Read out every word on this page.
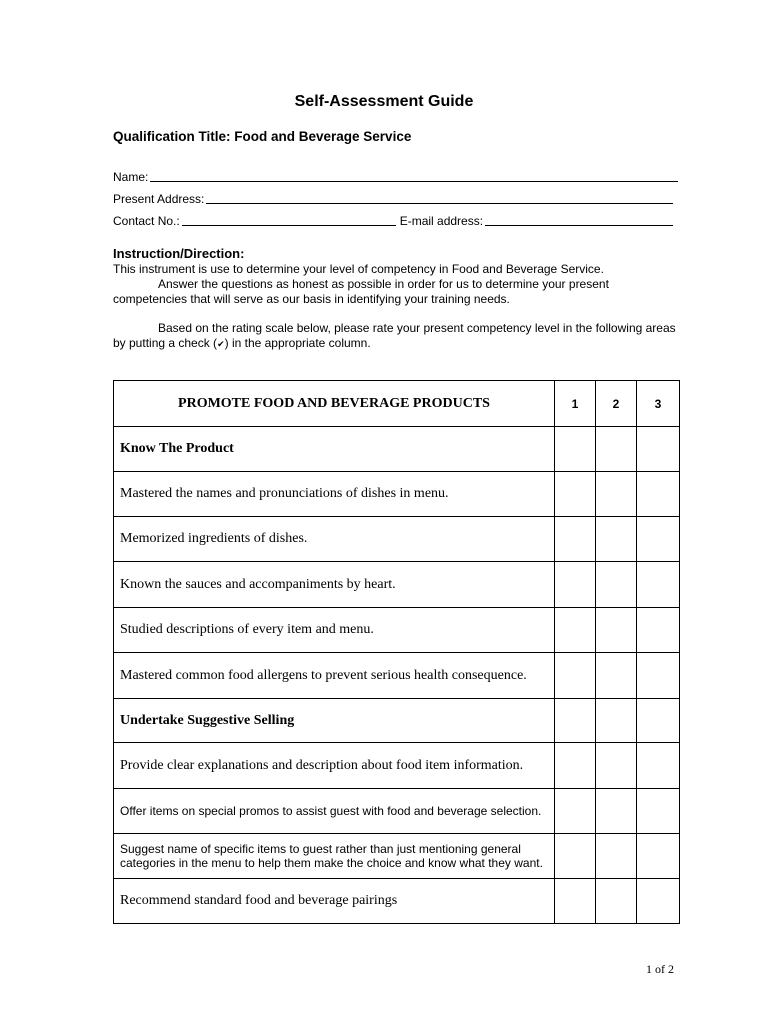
Self-Assessment Guide
Qualification Title: Food and Beverage Service
Name:
Present Address:
Contact No.:	E-mail address:
Instruction/Direction:
This instrument is use to determine your level of competency in Food and Beverage Service.
Answer the questions as honest as possible in order for us to determine your present competencies that will serve as our basis in identifying your training needs.
Based on the rating scale below, please rate your present competency level in the following areas by putting a check (✔) in the appropriate column.
PROMOTE FOOD AND BEVERAGE PRODUCTS	1	2	3
Know The Product			
Mastered the names and pronunciations of dishes in menu.			
Memorized ingredients of dishes.			
Known the sauces and accompaniments by heart.			
Studied descriptions of every item and menu.			
Mastered common food allergens to prevent serious health consequence.			
Undertake Suggestive Selling			
Provide clear explanations and description about food item information.			
Offer items on special promos to assist guest with food and beverage selection.			
Suggest name of specific items to guest rather than just mentioning general categories in the menu to help them make the choice and know what they want.			
Recommend standard food and beverage pairings			
1 of 2
